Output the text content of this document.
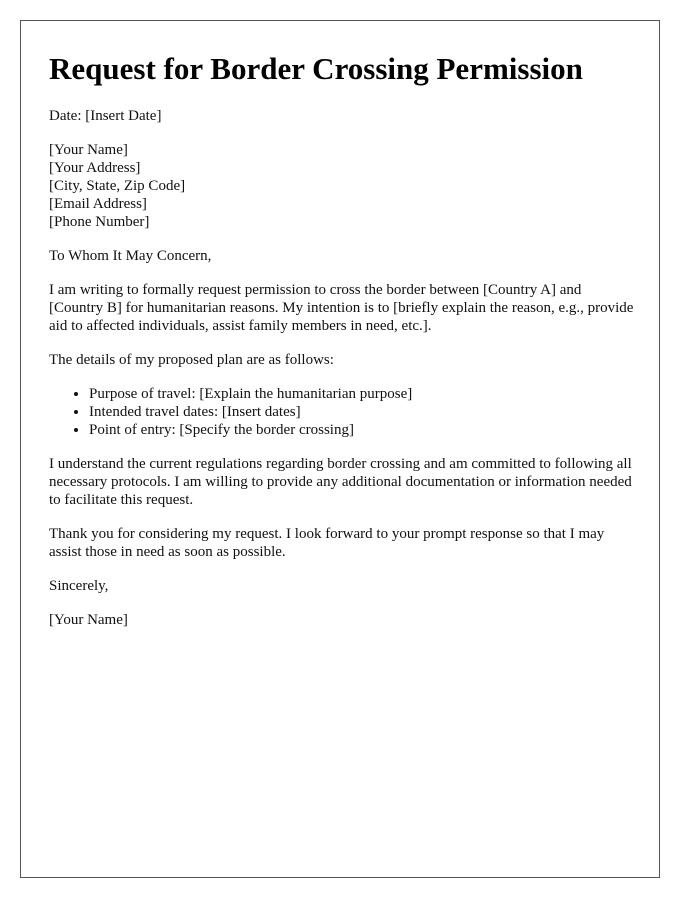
Request for Border Crossing Permission

Date: [Insert Date]

[Your Name]
[Your Address]
[City, State, Zip Code]
[Email Address]
[Phone Number]

To Whom It May Concern,

I am writing to formally request permission to cross the border between [Country A] and [Country B] for humanitarian reasons. My intention is to [briefly explain the reason, e.g., provide aid to affected individuals, assist family members in need, etc.].

The details of my proposed plan are as follows:

• Purpose of travel: [Explain the humanitarian purpose]
• Intended travel dates: [Insert dates]
• Point of entry: [Specify the border crossing]

I understand the current regulations regarding border crossing and am committed to following all necessary protocols. I am willing to provide any additional documentation or information needed to facilitate this request.

Thank you for considering my request. I look forward to your prompt response so that I may assist those in need as soon as possible.

Sincerely,

[Your Name]
